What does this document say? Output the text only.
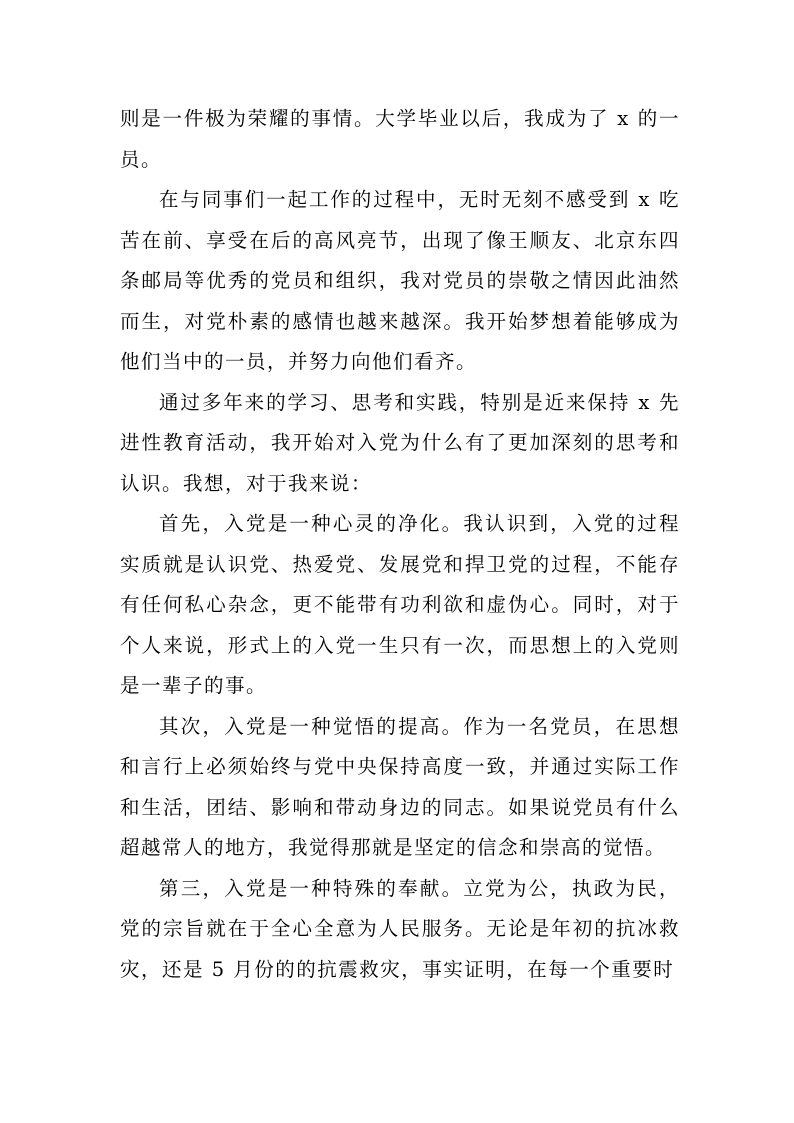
则是一件极为荣耀的事情。大学毕业以后，我成为了 x 的一员。

在与同事们一起工作的过程中，无时无刻不感受到 x 吃苦在前、享受在后的高风亮节，出现了像王顺友、北京东四条邮局等优秀的党员和组织，我对党员的崇敬之情因此油然而生，对党朴素的感情也越来越深。我开始梦想着能够成为他们当中的一员，并努力向他们看齐。

通过多年来的学习、思考和实践，特别是近来保持 x 先进性教育活动，我开始对入党为什么有了更加深刻的思考和认识。我想，对于我来说：

首先，入党是一种心灵的净化。我认识到，入党的过程实质就是认识党、热爱党、发展党和捍卫党的过程，不能存有任何私心杂念，更不能带有功利欲和虚伪心。同时，对于个人来说，形式上的入党一生只有一次，而思想上的入党则是一辈子的事。

其次，入党是一种觉悟的提高。作为一名党员，在思想和言行上必须始终与党中央保持高度一致，并通过实际工作和生活，团结、影响和带动身边的同志。如果说党员有什么超越常人的地方，我觉得那就是坚定的信念和崇高的觉悟。

第三，入党是一种特殊的奉献。立党为公，执政为民，党的宗旨就在于全心全意为人民服务。无论是年初的抗冰救灾，还是 5 月份的的抗震救灾，事实证明，在每一个重要时
